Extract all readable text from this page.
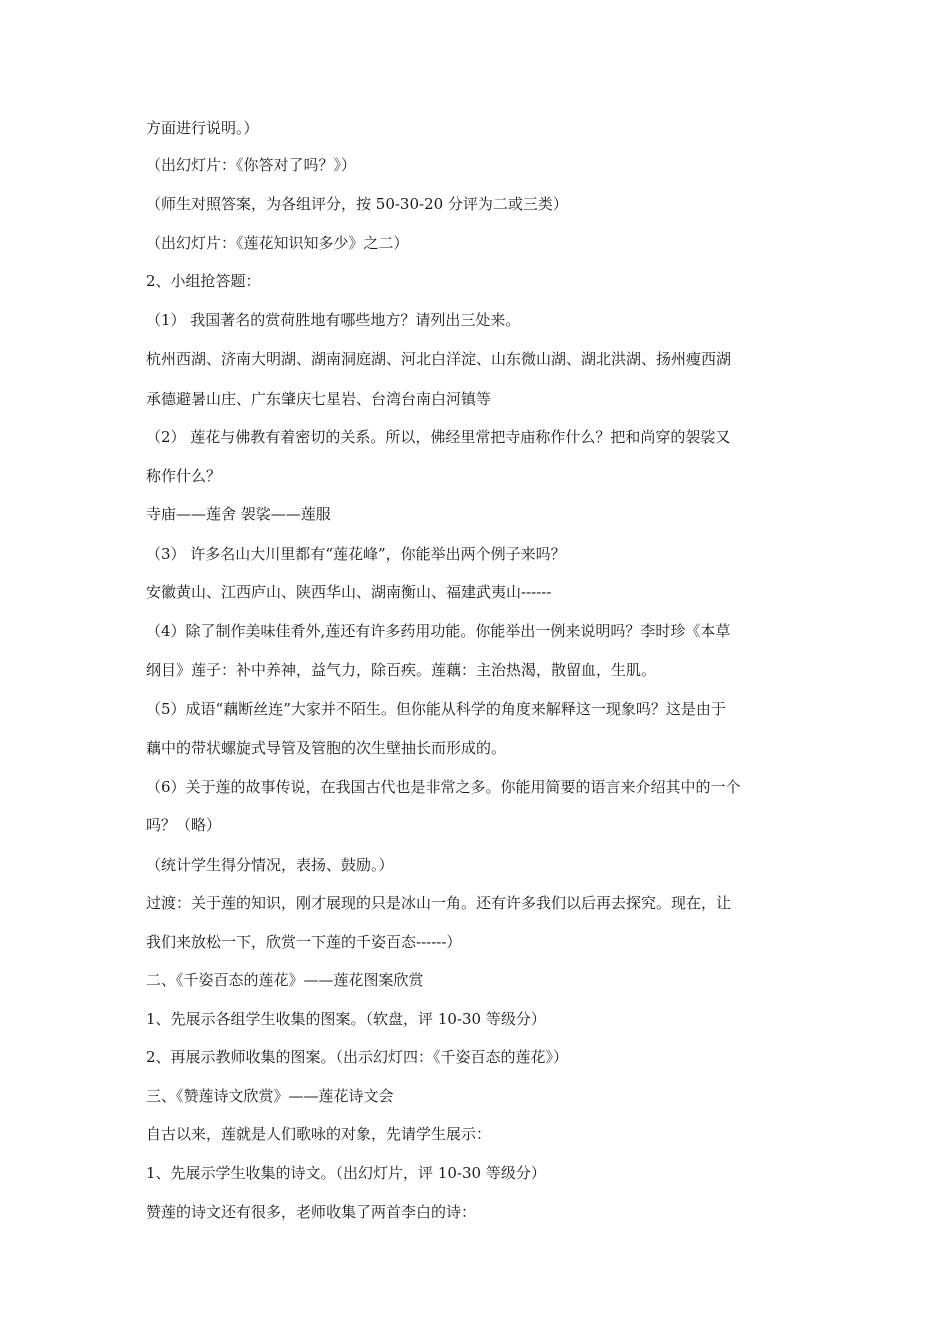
方面进行说明。）

（出幻灯片：《你答对了吗？》）

（师生对照答案，为各组评分，按 50-30-20 分评为二或三类）

（出幻灯片：《莲花知识知多少》之二）

2、小组抢答题：

（1） 我国著名的赏荷胜地有哪些地方？请列出三处来。

杭州西湖、济南大明湖、湖南洞庭湖、河北白洋淀、山东微山湖、湖北洪湖、扬州瘦西湖

承德避暑山庄、广东肇庆七星岩、台湾台南白河镇等

（2） 莲花与佛教有着密切的关系。所以，佛经里常把寺庙称作什么？把和尚穿的袈裟又

称作什么？

寺庙——莲舍 袈裟——莲服

（3） 许多名山大川里都有“莲花峰”，你能举出两个例子来吗？

安徽黄山、江西庐山、陕西华山、湖南衡山、福建武夷山------

（4）除了制作美味佳肴外,莲还有许多药用功能。你能举出一例来说明吗？李时珍《本草

纲目》莲子：补中养神，益气力，除百疾。莲藕：主治热渴，散留血，生肌。

（5）成语“藕断丝连”大家并不陌生。但你能从科学的角度来解释这一现象吗？这是由于

藕中的带状螺旋式导管及管胞的次生壁抽长而形成的。

（6）关于莲的故事传说，在我国古代也是非常之多。你能用简要的语言来介绍其中的一个

吗？（略）

（统计学生得分情况，表扬、鼓励。）

过渡：关于莲的知识，刚才展现的只是冰山一角。还有许多我们以后再去探究。现在，让

我们来放松一下，欣赏一下莲的千姿百态------）

二、《千姿百态的莲花》——莲花图案欣赏

1、先展示各组学生收集的图案。（软盘，评 10-30 等级分）

2、再展示教师收集的图案。（出示幻灯四：《千姿百态的莲花》）

三、《赞莲诗文欣赏》——莲花诗文会

自古以来，莲就是人们歌咏的对象，先请学生展示：

1、先展示学生收集的诗文。（出幻灯片，评 10-30 等级分）

赞莲的诗文还有很多，老师收集了两首李白的诗：
